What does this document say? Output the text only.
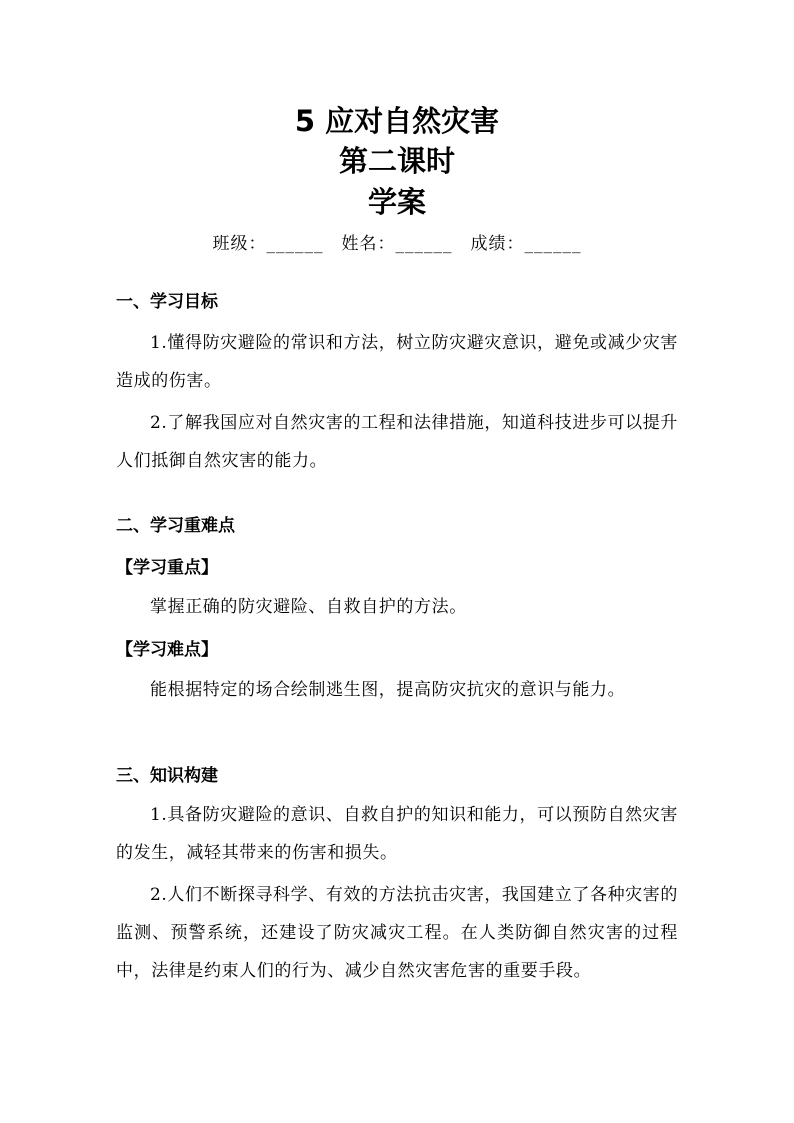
5 应对自然灾害
第二课时
学案
班级：______ 姓名：______ 成绩：______
一、学习目标
1.懂得防灾避险的常识和方法，树立防灾避灾意识，避免或减少灾害造成的伤害。
2.了解我国应对自然灾害的工程和法律措施，知道科技进步可以提升人们抵御自然灾害的能力。
二、学习重难点
【学习重点】
掌握正确的防灾避险、自救自护的方法。
【学习难点】
能根据特定的场合绘制逃生图，提高防灾抗灾的意识与能力。
三、知识构建
1.具备防灾避险的意识、自救自护的知识和能力，可以预防自然灾害的发生，减轻其带来的伤害和损失。
2.人们不断探寻科学、有效的方法抗击灾害，我国建立了各种灾害的监测、预警系统，还建设了防灾减灾工程。在人类防御自然灾害的过程中，法律是约束人们的行为、减少自然灾害危害的重要手段。
